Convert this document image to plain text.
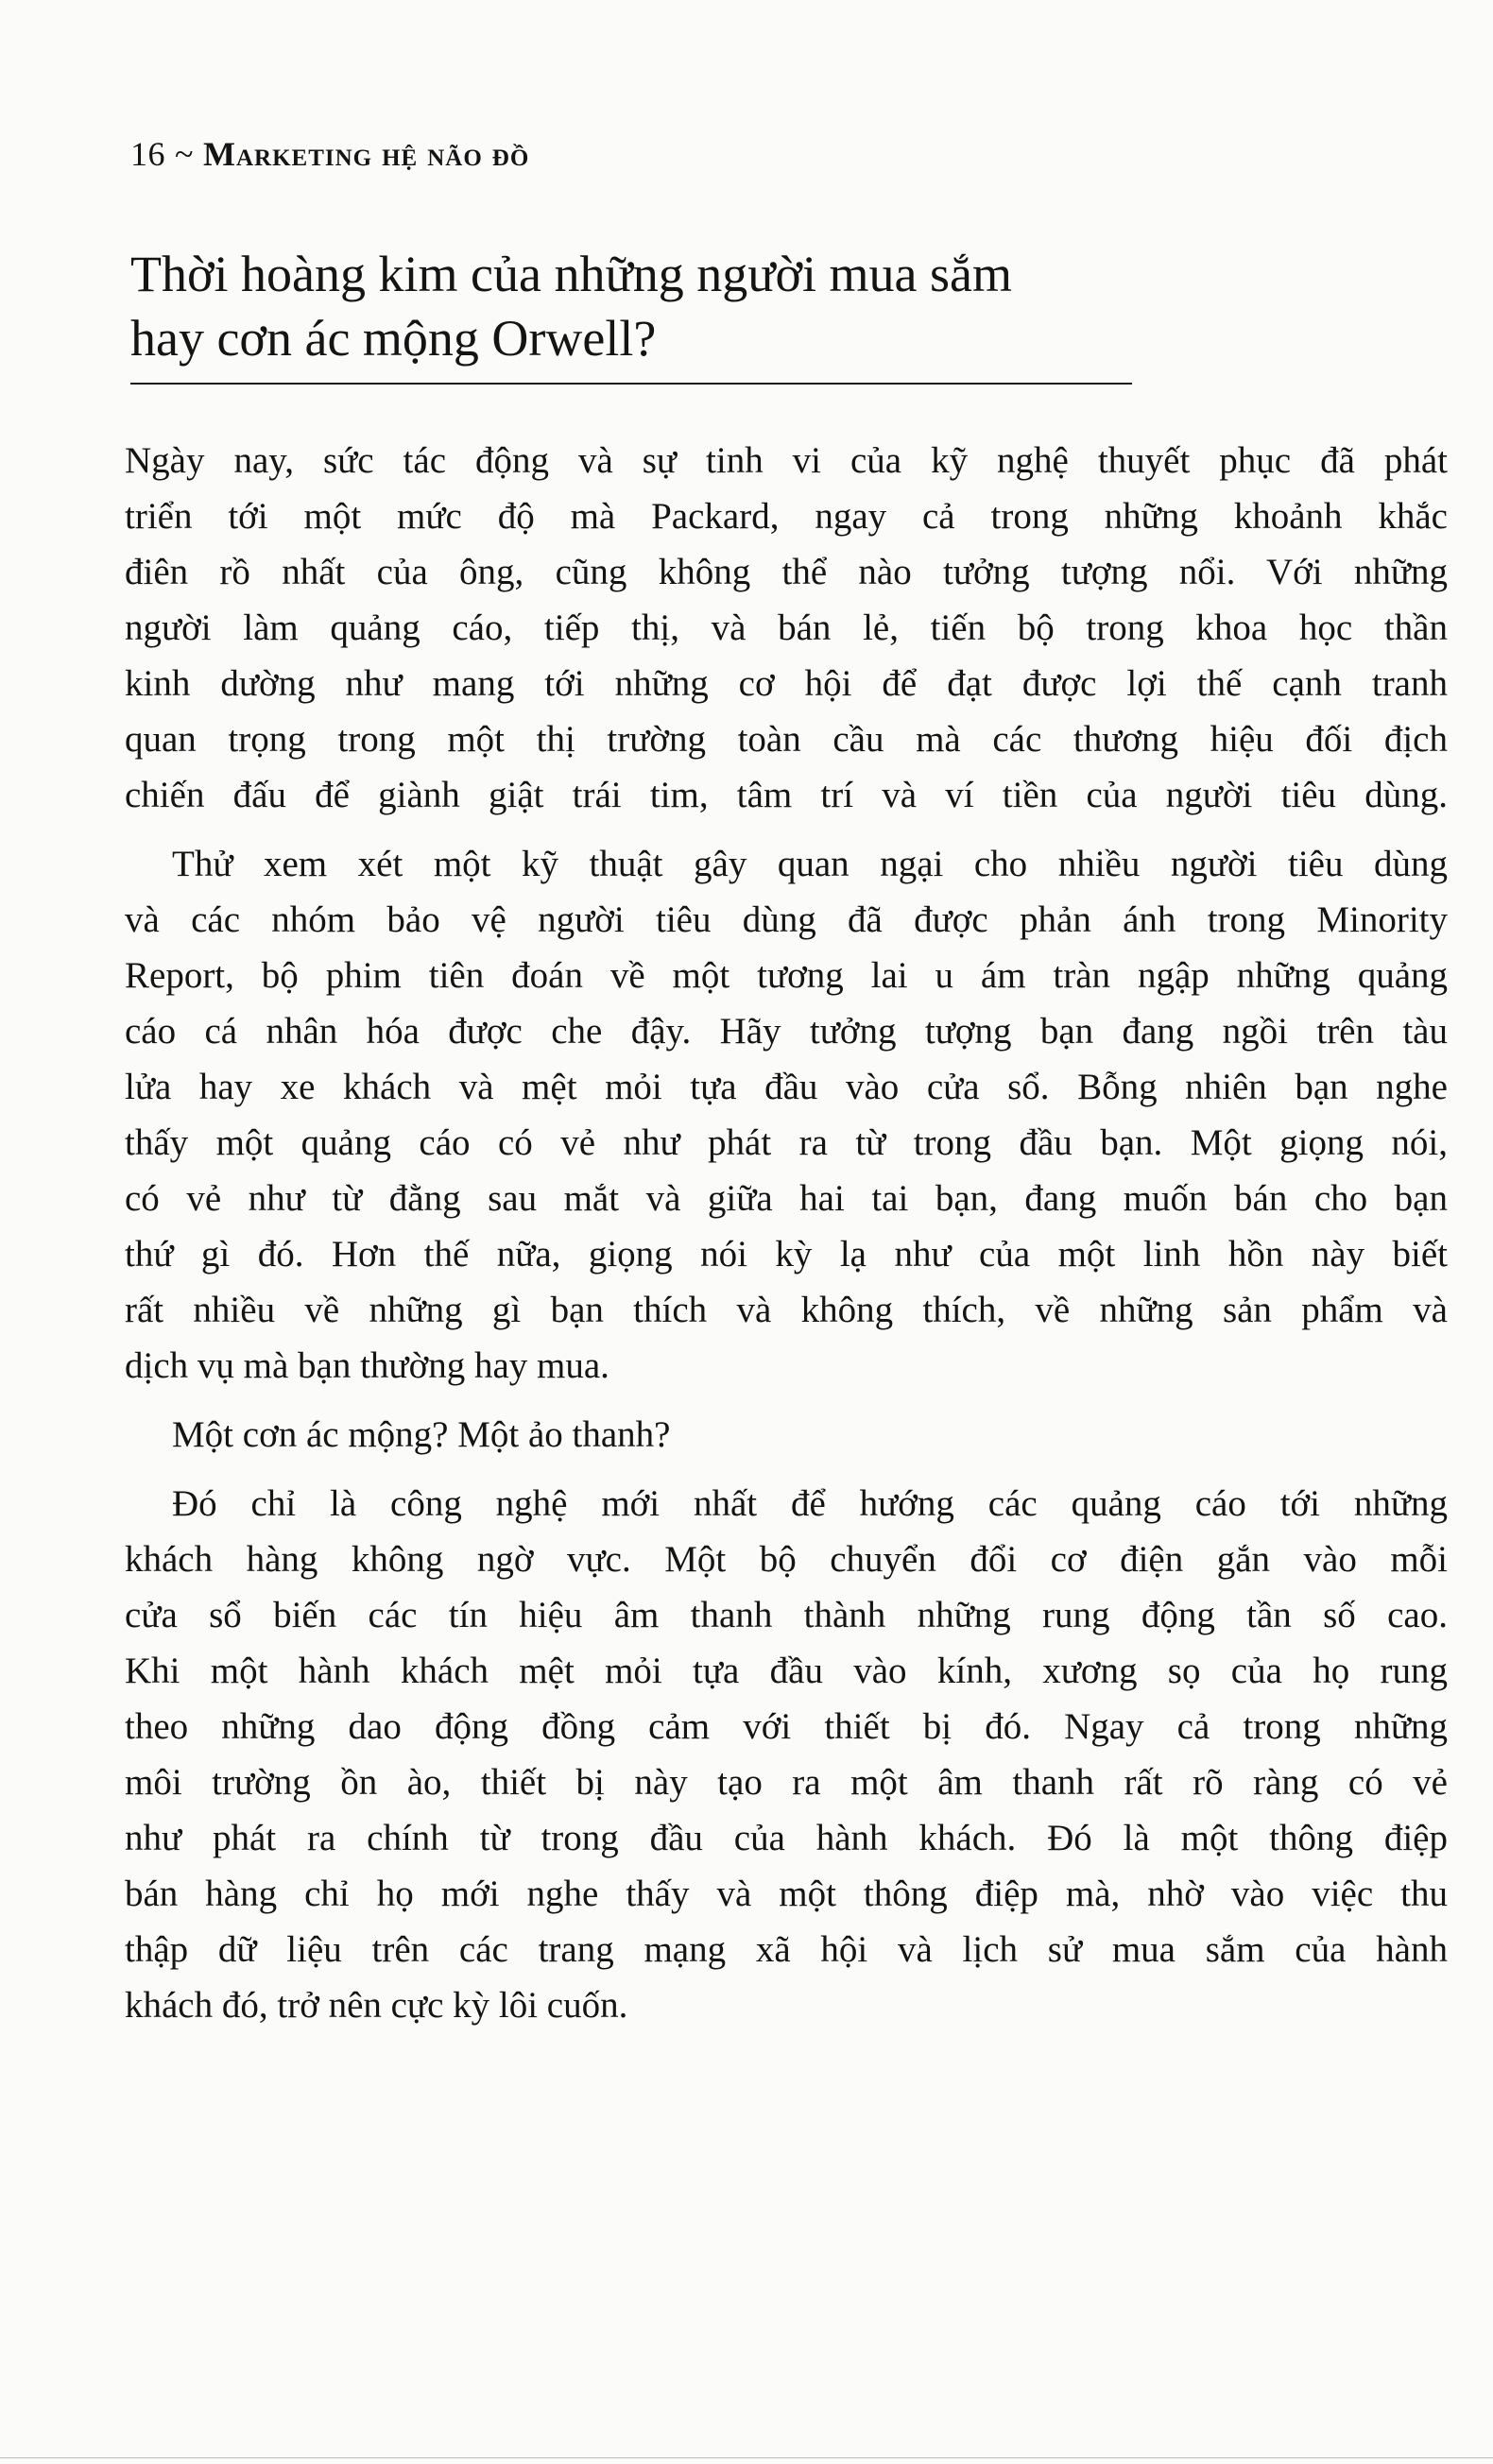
16 ~ Marketing hệ não đồ
Thời hoàng kim của những người mua sắm
hay cơn ác mộng Orwell?

Ngày nay, sức tác động và sự tinh vi của kỹ nghệ thuyết phục đã phát
triển tới một mức độ mà Packard, ngay cả trong những khoảnh khắc
điên rồ nhất của ông, cũng không thể nào tưởng tượng nổi. Với những
người làm quảng cáo, tiếp thị, và bán lẻ, tiến bộ trong khoa học thần
kinh dường như mang tới những cơ hội để đạt được lợi thế cạnh tranh
quan trọng trong một thị trường toàn cầu mà các thương hiệu đối địch
chiến đấu để giành giật trái tim, tâm trí và ví tiền của người tiêu dùng.

Thử xem xét một kỹ thuật gây quan ngại cho nhiều người tiêu dùng
và các nhóm bảo vệ người tiêu dùng đã được phản ánh trong Minority
Report, bộ phim tiên đoán về một tương lai u ám tràn ngập những quảng
cáo cá nhân hóa được che đậy. Hãy tưởng tượng bạn đang ngồi trên tàu
lửa hay xe khách và mệt mỏi tựa đầu vào cửa sổ. Bỗng nhiên bạn nghe
thấy một quảng cáo có vẻ như phát ra từ trong đầu bạn. Một giọng nói,
có vẻ như từ đằng sau mắt và giữa hai tai bạn, đang muốn bán cho bạn
thứ gì đó. Hơn thế nữa, giọng nói kỳ lạ như của một linh hồn này biết
rất nhiều về những gì bạn thích và không thích, về những sản phẩm và
dịch vụ mà bạn thường hay mua.

Một cơn ác mộng? Một ảo thanh?

Đó chỉ là công nghệ mới nhất để hướng các quảng cáo tới những
khách hàng không ngờ vực. Một bộ chuyển đổi cơ điện gắn vào mỗi
cửa sổ biến các tín hiệu âm thanh thành những rung động tần số cao.
Khi một hành khách mệt mỏi tựa đầu vào kính, xương sọ của họ rung
theo những dao động đồng cảm với thiết bị đó. Ngay cả trong những
môi trường ồn ào, thiết bị này tạo ra một âm thanh rất rõ ràng có vẻ
như phát ra chính từ trong đầu của hành khách. Đó là một thông điệp
bán hàng chỉ họ mới nghe thấy và một thông điệp mà, nhờ vào việc thu
thập dữ liệu trên các trang mạng xã hội và lịch sử mua sắm của hành
khách đó, trở nên cực kỳ lôi cuốn.
